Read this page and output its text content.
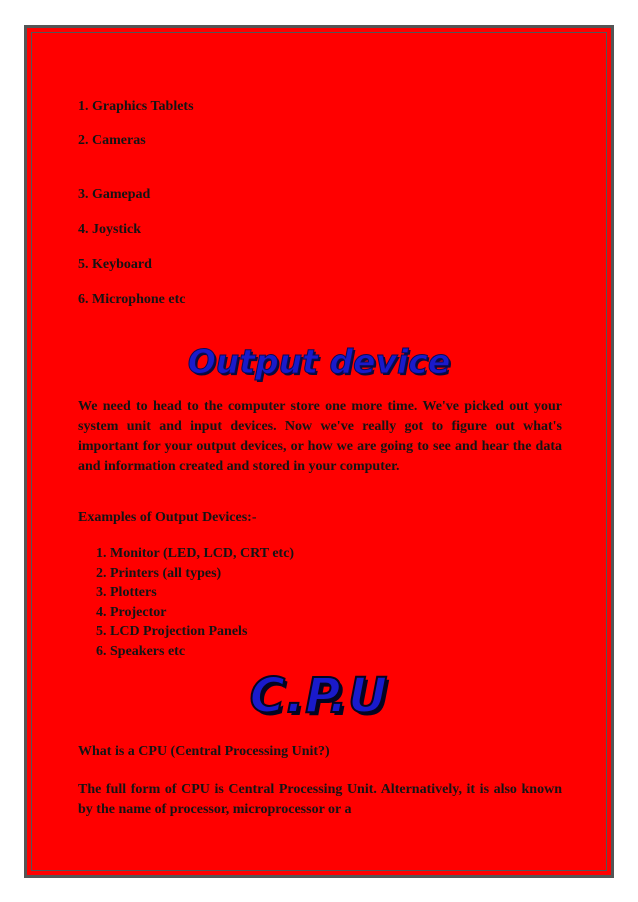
1. Graphics Tablets
2. Cameras
3. Gamepad
4. Joystick
5. Keyboard
6. Microphone etc
Output device
We need to head to the computer store one more time. We've picked out your system unit and input devices. Now we've really got to figure out what's important for your output devices, or how we are going to see and hear the data and information created and stored in your computer.
Examples of Output Devices:-
1. Monitor (LED, LCD, CRT etc)
2. Printers (all types)
3. Plotters
4. Projector
5. LCD Projection Panels
6. Speakers etc
C.P.U
What is a CPU (Central Processing Unit?)
The full form of CPU is Central Processing Unit. Alternatively, it is also known by the name of processor, microprocessor or a
